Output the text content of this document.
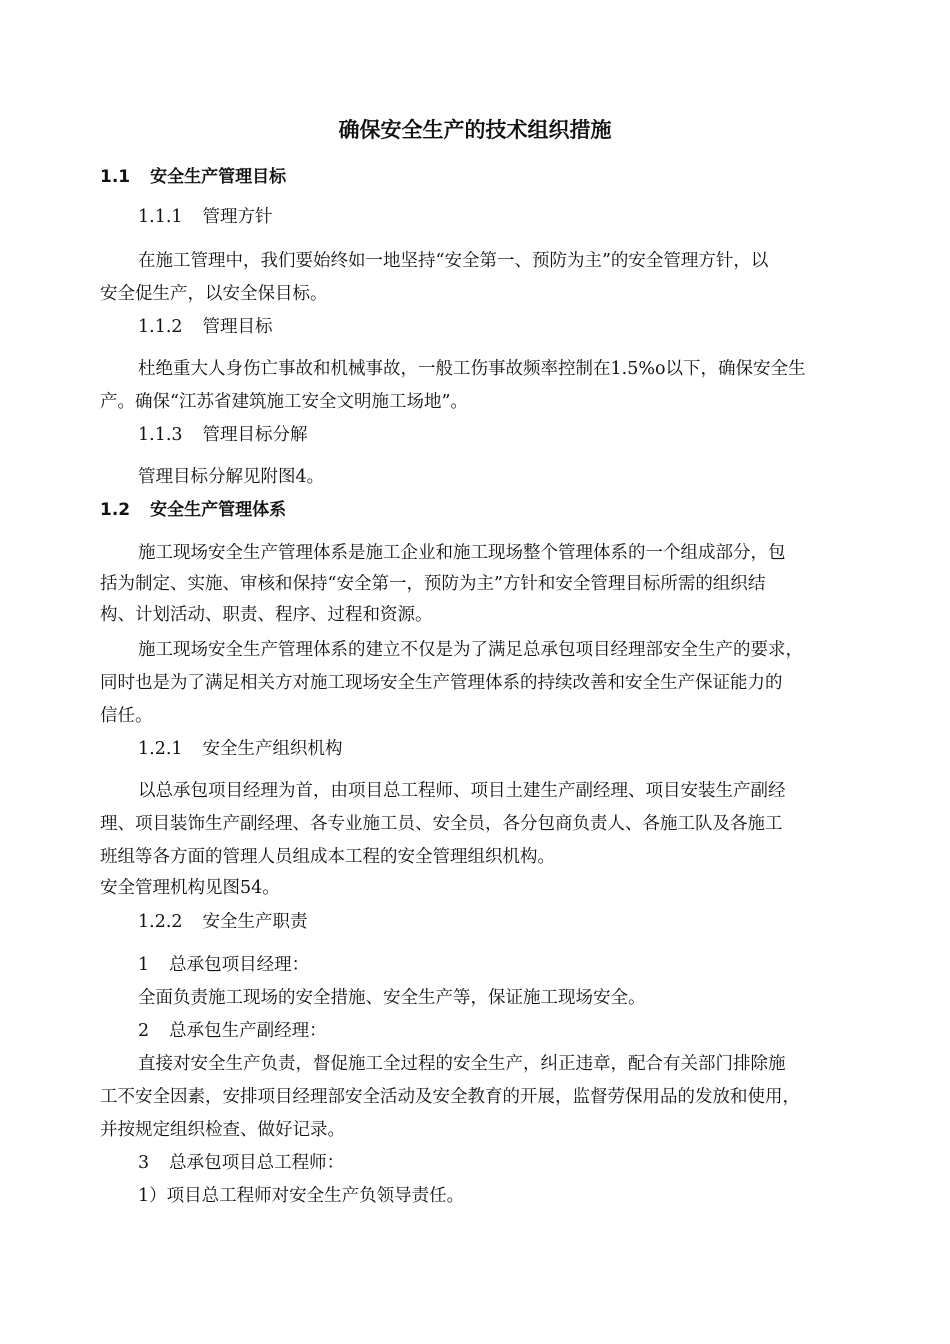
确保安全生产的技术组织措施
1.1 安全生产管理目标
1.1.1 管理方针
在施工管理中，我们要始终如一地坚持“安全第一、预防为主”的安全管理方针，以
安全促生产，以安全保目标。
1.1.2 管理目标
杜绝重大人身伤亡事故和机械事故，一般工伤事故频率控制在1.5%o以下，确保安全生
产。确保“江苏省建筑施工安全文明施工场地”。
1.1.3 管理目标分解
管理目标分解见附图4。
1.2 安全生产管理体系
施工现场安全生产管理体系是施工企业和施工现场整个管理体系的一个组成部分，包
括为制定、实施、审核和保持“安全第一，预防为主”方针和安全管理目标所需的组织结
构、计划活动、职责、程序、过程和资源。
施工现场安全生产管理体系的建立不仅是为了满足总承包项目经理部安全生产的要求，
同时也是为了满足相关方对施工现场安全生产管理体系的持续改善和安全生产保证能力的
信任。
1.2.1 安全生产组织机构
以总承包项目经理为首，由项目总工程师、项目土建生产副经理、项目安装生产副经
理、项目装饰生产副经理、各专业施工员、安全员，各分包商负责人、各施工队及各施工
班组等各方面的管理人员组成本工程的安全管理组织机构。
安全管理机构见图54。
1.2.2 安全生产职责
1 总承包项目经理：
全面负责施工现场的安全措施、安全生产等，保证施工现场安全。
2 总承包生产副经理：
直接对安全生产负责，督促施工全过程的安全生产，纠正违章，配合有关部门排除施
工不安全因素，安排项目经理部安全活动及安全教育的开展，监督劳保用品的发放和使用，
并按规定组织检查、做好记录。
3 总承包项目总工程师：
1）项目总工程师对安全生产负领导责任。
